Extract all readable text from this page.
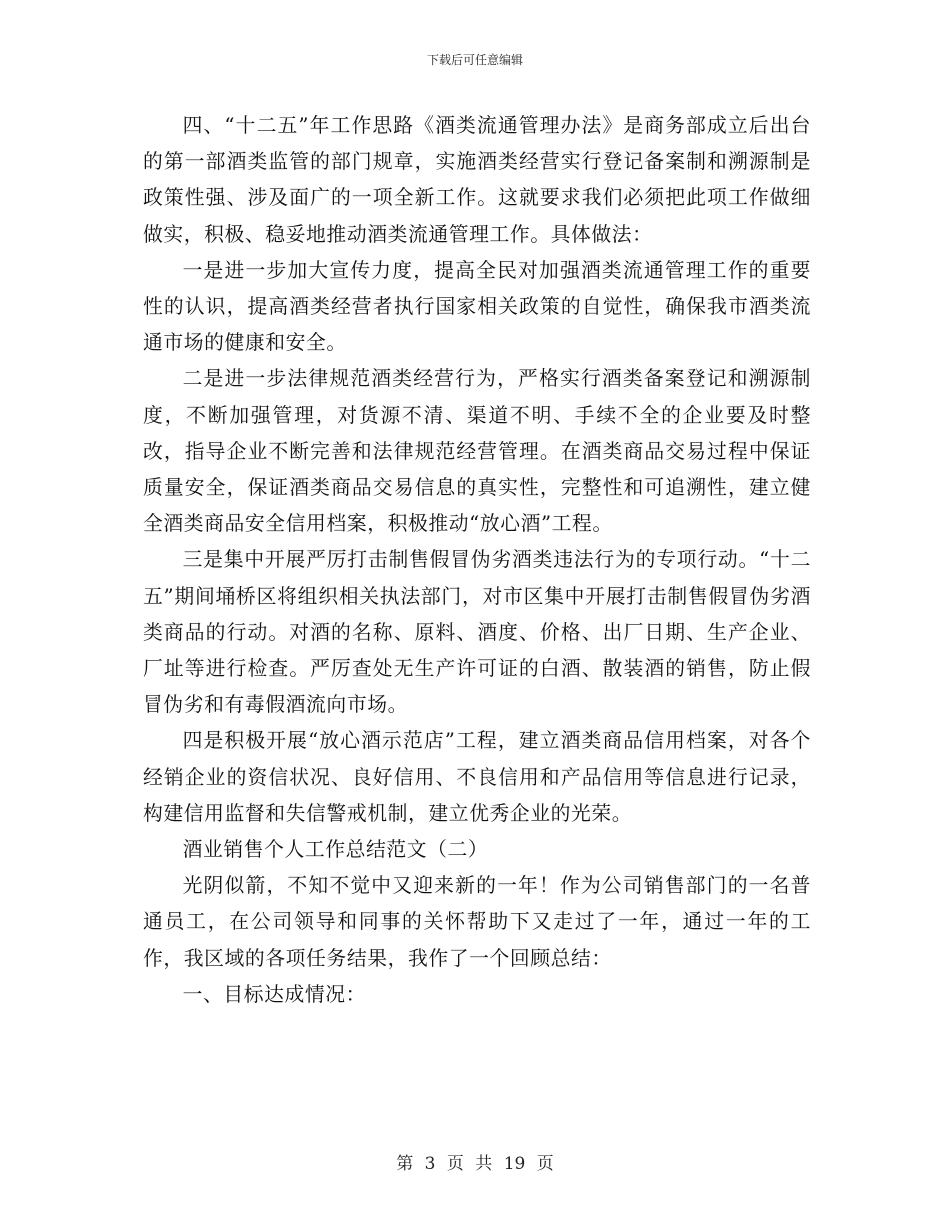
下载后可任意编辑

四、“十二五”年工作思路《酒类流通管理办法》是商务部成立后出台的第一部酒类监管的部门规章，实施酒类经营实行登记备案制和溯源制是政策性强、涉及面广的一项全新工作。这就要求我们必须把此项工作做细做实，积极、稳妥地推动酒类流通管理工作。具体做法：

一是进一步加大宣传力度，提高全民对加强酒类流通管理工作的重要性的认识，提高酒类经营者执行国家相关政策的自觉性，确保我市酒类流通市场的健康和安全。

二是进一步法律规范酒类经营行为，严格实行酒类备案登记和溯源制度，不断加强管理，对货源不清、渠道不明、手续不全的企业要及时整改，指导企业不断完善和法律规范经营管理。在酒类商品交易过程中保证质量安全，保证酒类商品交易信息的真实性，完整性和可追溯性，建立健全酒类商品安全信用档案，积极推动“放心酒”工程。

三是集中开展严厉打击制售假冒伪劣酒类违法行为的专项行动。“十二五”期间埇桥区将组织相关执法部门，对市区集中开展打击制售假冒伪劣酒类商品的行动。对酒的名称、原料、酒度、价格、出厂日期、生产企业、厂址等进行检查。严厉查处无生产许可证的白酒、散装酒的销售，防止假冒伪劣和有毒假酒流向市场。

四是积极开展“放心酒示范店”工程，建立酒类商品信用档案，对各个经销企业的资信状况、良好信用、不良信用和产品信用等信息进行记录，构建信用监督和失信警戒机制，建立优秀企业的光荣。

酒业销售个人工作总结范文（二）

光阴似箭，不知不觉中又迎来新的一年！作为公司销售部门的一名普通员工，在公司领导和同事的关怀帮助下又走过了一年，通过一年的工作，我区域的各项任务结果，我作了一个回顾总结：

一、目标达成情况：

第 3 页 共 19 页
